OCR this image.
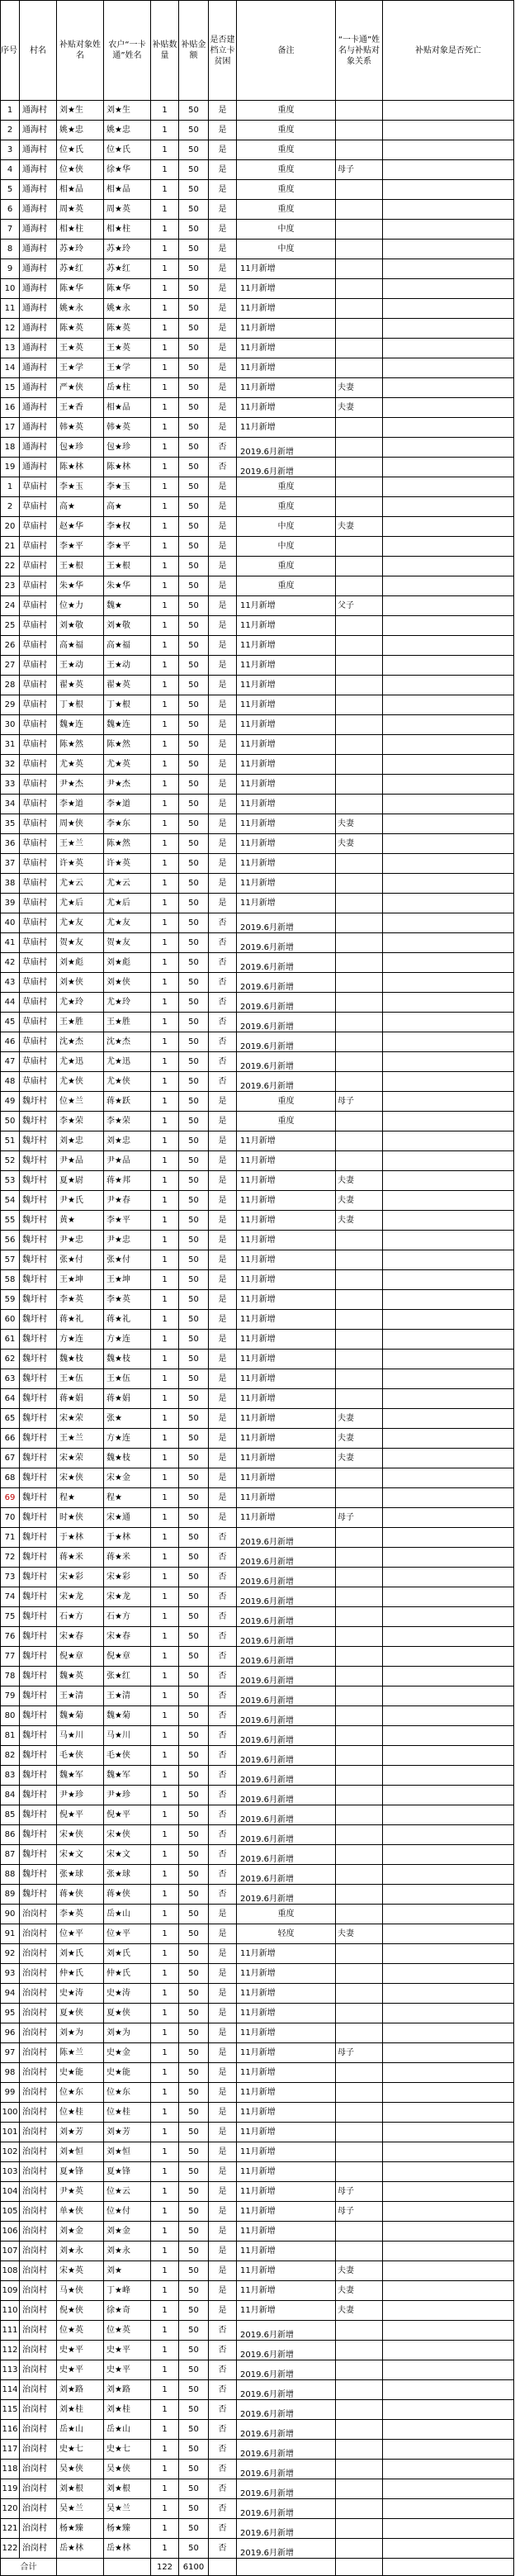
序号	村名	补贴对象姓名	农户“一卡通”姓名	补贴数量	补贴金额	是否建档立卡贫困	备注	“一卡通”姓名与补贴对象关系	补贴对象是否死亡
1	通海村	刘★生	刘★生	1	50	是	重度		
2	通海村	姚★忠	姚★忠	1	50	是	重度		
3	通海村	位★氏	位★氏	1	50	是	重度		
4	通海村	位★侠	徐★华	1	50	是	重度	母子	
5	通海村	相★品	相★品	1	50	是	重度		
6	通海村	周★英	周★英	1	50	是	重度		
7	通海村	相★柱	相★柱	1	50	是	中度		
8	通海村	苏★玲	苏★玲	1	50	是	中度		
9	通海村	苏★红	苏★红	1	50	是	11月新增		
10	通海村	陈★华	陈★华	1	50	是	11月新增		
11	通海村	姚★永	姚★永	1	50	是	11月新增		
12	通海村	陈★英	陈★英	1	50	是	11月新增		
13	通海村	王★英	王★英	1	50	是	11月新增		
14	通海村	王★学	王★学	1	50	是	11月新增		
15	通海村	严★侠	岳★柱	1	50	是	11月新增	夫妻	
16	通海村	王★香	相★品	1	50	是	11月新增	夫妻	
17	通海村	韩★英	韩★英	1	50	是	11月新增		
18	通海村	包★珍	包★珍	1	50	否	2019.6月新增		
19	通海村	陈★林	陈★林	1	50	否	2019.6月新增		
1	草庙村	李★玉	李★玉	1	50	是	重度		
2	草庙村	高★	高★	1	50	是	重度		
20	草庙村	赵★华	李★权	1	50	是	中度	夫妻	
21	草庙村	李★平	李★平	1	50	是	中度		
22	草庙村	王★根	王★根	1	50	是	重度		
23	草庙村	朱★华	朱★华	1	50	是	重度		
24	草庙村	位★力	魏★	1	50	是	11月新增	父子	
25	草庙村	刘★敬	刘★敬	1	50	是	11月新增		
26	草庙村	高★福	高★福	1	50	是	11月新增		
27	草庙村	王★动	王★动	1	50	是	11月新增		
28	草庙村	翟★英	翟★英	1	50	是	11月新增		
29	草庙村	丁★根	丁★根	1	50	是	11月新增		
30	草庙村	魏★连	魏★连	1	50	是	11月新增		
31	草庙村	陈★然	陈★然	1	50	是	11月新增		
32	草庙村	尤★英	尤★英	1	50	是	11月新增		
33	草庙村	尹★杰	尹★杰	1	50	是	11月新增		
34	草庙村	李★道	李★道	1	50	是	11月新增		
35	草庙村	周★侠	李★东	1	50	是	11月新增	夫妻	
36	草庙村	王★兰	陈★然	1	50	是	11月新增	夫妻	
37	草庙村	许★英	许★英	1	50	是	11月新增		
38	草庙村	尤★云	尤★云	1	50	是	11月新增		
39	草庙村	尤★后	尤★后	1	50	是	11月新增		
40	草庙村	尤★友	尤★友	1	50	否	2019.6月新增		
41	草庙村	贺★友	贺★友	1	50	否	2019.6月新增		
42	草庙村	刘★彪	刘★彪	1	50	否	2019.6月新增		
43	草庙村	刘★侠	刘★侠	1	50	否	2019.6月新增		
44	草庙村	尤★玲	尤★玲	1	50	否	2019.6月新增		
45	草庙村	王★胜	王★胜	1	50	否	2019.6月新增		
46	草庙村	沈★杰	沈★杰	1	50	否	2019.6月新增		
47	草庙村	尤★迅	尤★迅	1	50	否	2019.6月新增		
48	草庙村	尤★侠	尤★侠	1	50	否	2019.6月新增		
49	魏圩村	位★兰	蒋★跃	1	50	是	重度	母子	
50	魏圩村	李★荣	李★荣	1	50	是	重度		
51	魏圩村	刘★忠	刘★忠	1	50	是	11月新增		
52	魏圩村	尹★品	尹★品	1	50	是	11月新增		
53	魏圩村	夏★尉	蒋★邦	1	50	是	11月新增	夫妻	
54	魏圩村	尹★氏	尹★春	1	50	是	11月新增	夫妻	
55	魏圩村	黄★	李★平	1	50	是	11月新增	夫妻	
56	魏圩村	尹★忠	尹★忠	1	50	是	11月新增		
57	魏圩村	张★付	张★付	1	50	是	11月新增		
58	魏圩村	王★坤	王★坤	1	50	是	11月新增		
59	魏圩村	李★英	李★英	1	50	是	11月新增		
60	魏圩村	蒋★礼	蒋★礼	1	50	是	11月新增		
61	魏圩村	方★连	方★连	1	50	是	11月新增		
62	魏圩村	魏★枝	魏★枝	1	50	是	11月新增		
63	魏圩村	王★伍	王★伍	1	50	是	11月新增		
64	魏圩村	蒋★娟	蒋★娟	1	50	是	11月新增		
65	魏圩村	宋★荣	张★	1	50	是	11月新增	夫妻	
66	魏圩村	王★兰	方★连	1	50	是	11月新增	夫妻	
67	魏圩村	宋★荣	魏★枝	1	50	是	11月新增	夫妻	
68	魏圩村	宋★侠	宋★金	1	50	是	11月新增		
69	魏圩村	程★	程★	1	50	是	11月新增		
70	魏圩村	时★侠	宋★通	1	50	是	11月新增	母子	
71	魏圩村	于★林	于★林	1	50	否	2019.6月新增		
72	魏圩村	蒋★米	蒋★米	1	50	否	2019.6月新增		
73	魏圩村	宋★彩	宋★彩	1	50	否	2019.6月新增		
74	魏圩村	宋★龙	宋★龙	1	50	否	2019.6月新增		
75	魏圩村	石★方	石★方	1	50	否	2019.6月新增		
76	魏圩村	宋★春	宋★春	1	50	否	2019.6月新增		
77	魏圩村	倪★章	倪★章	1	50	否	2019.6月新增		
78	魏圩村	魏★英	张★红	1	50	否	2019.6月新增		
79	魏圩村	王★清	王★清	1	50	否	2019.6月新增		
80	魏圩村	魏★菊	魏★菊	1	50	否	2019.6月新增		
81	魏圩村	马★川	马★川	1	50	否	2019.6月新增		
82	魏圩村	毛★侠	毛★侠	1	50	否	2019.6月新增		
83	魏圩村	魏★军	魏★军	1	50	否	2019.6月新增		
84	魏圩村	尹★珍	尹★珍	1	50	否	2019.6月新增		
85	魏圩村	倪★平	倪★平	1	50	否	2019.6月新增		
86	魏圩村	宋★侠	宋★侠	1	50	否	2019.6月新增		
87	魏圩村	宋★文	宋★文	1	50	否	2019.6月新增		
88	魏圩村	张★球	张★球	1	50	否	2019.6月新增		
89	魏圩村	蒋★侠	蒋★侠	1	50	否	2019.6月新增		
90	治岗村	李★英	岳★山	1	50	是	重度		
91	治岗村	位★平	位★平	1	50	是	轻度	夫妻	
92	治岗村	刘★氏	刘★氏	1	50	是	11月新增		
93	治岗村	仲★氏	仲★氏	1	50	是	11月新增		
94	治岗村	史★涛	史★涛	1	50	是	11月新增		
95	治岗村	夏★侠	夏★侠	1	50	是	11月新增		
96	治岗村	刘★为	刘★为	1	50	是	11月新增		
97	治岗村	陈★兰	史★金	1	50	是	11月新增	母子	
98	治岗村	史★能	史★能	1	50	是	11月新增		
99	治岗村	位★东	位★东	1	50	是	11月新增		
100	治岗村	位★桂	位★桂	1	50	是	11月新增		
101	治岗村	刘★芳	刘★芳	1	50	是	11月新增		
102	治岗村	刘★恒	刘★恒	1	50	是	11月新增		
103	治岗村	夏★锋	夏★锋	1	50	是	11月新增		
104	治岗村	尹★英	位★云	1	50	是	11月新增	母子	
105	治岗村	单★侠	位★付	1	50	是	11月新增	母子	
106	治岗村	刘★金	刘★金	1	50	是	11月新增		
107	治岗村	刘★永	刘★永	1	50	是	11月新增		
108	治岗村	宋★英	刘★	1	50	是	11月新增	夫妻	
109	治岗村	马★侠	丁★峰	1	50	是	11月新增	夫妻	
110	治岗村	倪★侠	徐★奇	1	50	是	11月新增	夫妻	
111	治岗村	位★英	位★英	1	50	否	2019.6月新增		
112	治岗村	史★平	史★平	1	50	否	2019.6月新增		
113	治岗村	史★平	史★平	1	50	否	2019.6月新增		
114	治岗村	刘★路	刘★路	1	50	否	2019.6月新增		
115	治岗村	刘★桂	刘★桂	1	50	否	2019.6月新增		
116	治岗村	岳★山	岳★山	1	50	否	2019.6月新增		
117	治岗村	史★七	史★七	1	50	否	2019.6月新增		
118	治岗村	吴★侠	吴★侠	1	50	否	2019.6月新增		
119	治岗村	刘★根	刘★根	1	50	否	2019.6月新增		
120	治岗村	吴★兰	吴★兰	1	50	否	2019.6月新增		
121	治岗村	杨★臻	杨★臻	1	50	否	2019.6月新增		
122	治岗村	岳★林	岳★林	1	50	否	2019.6月新增		
合计				122	6100				
